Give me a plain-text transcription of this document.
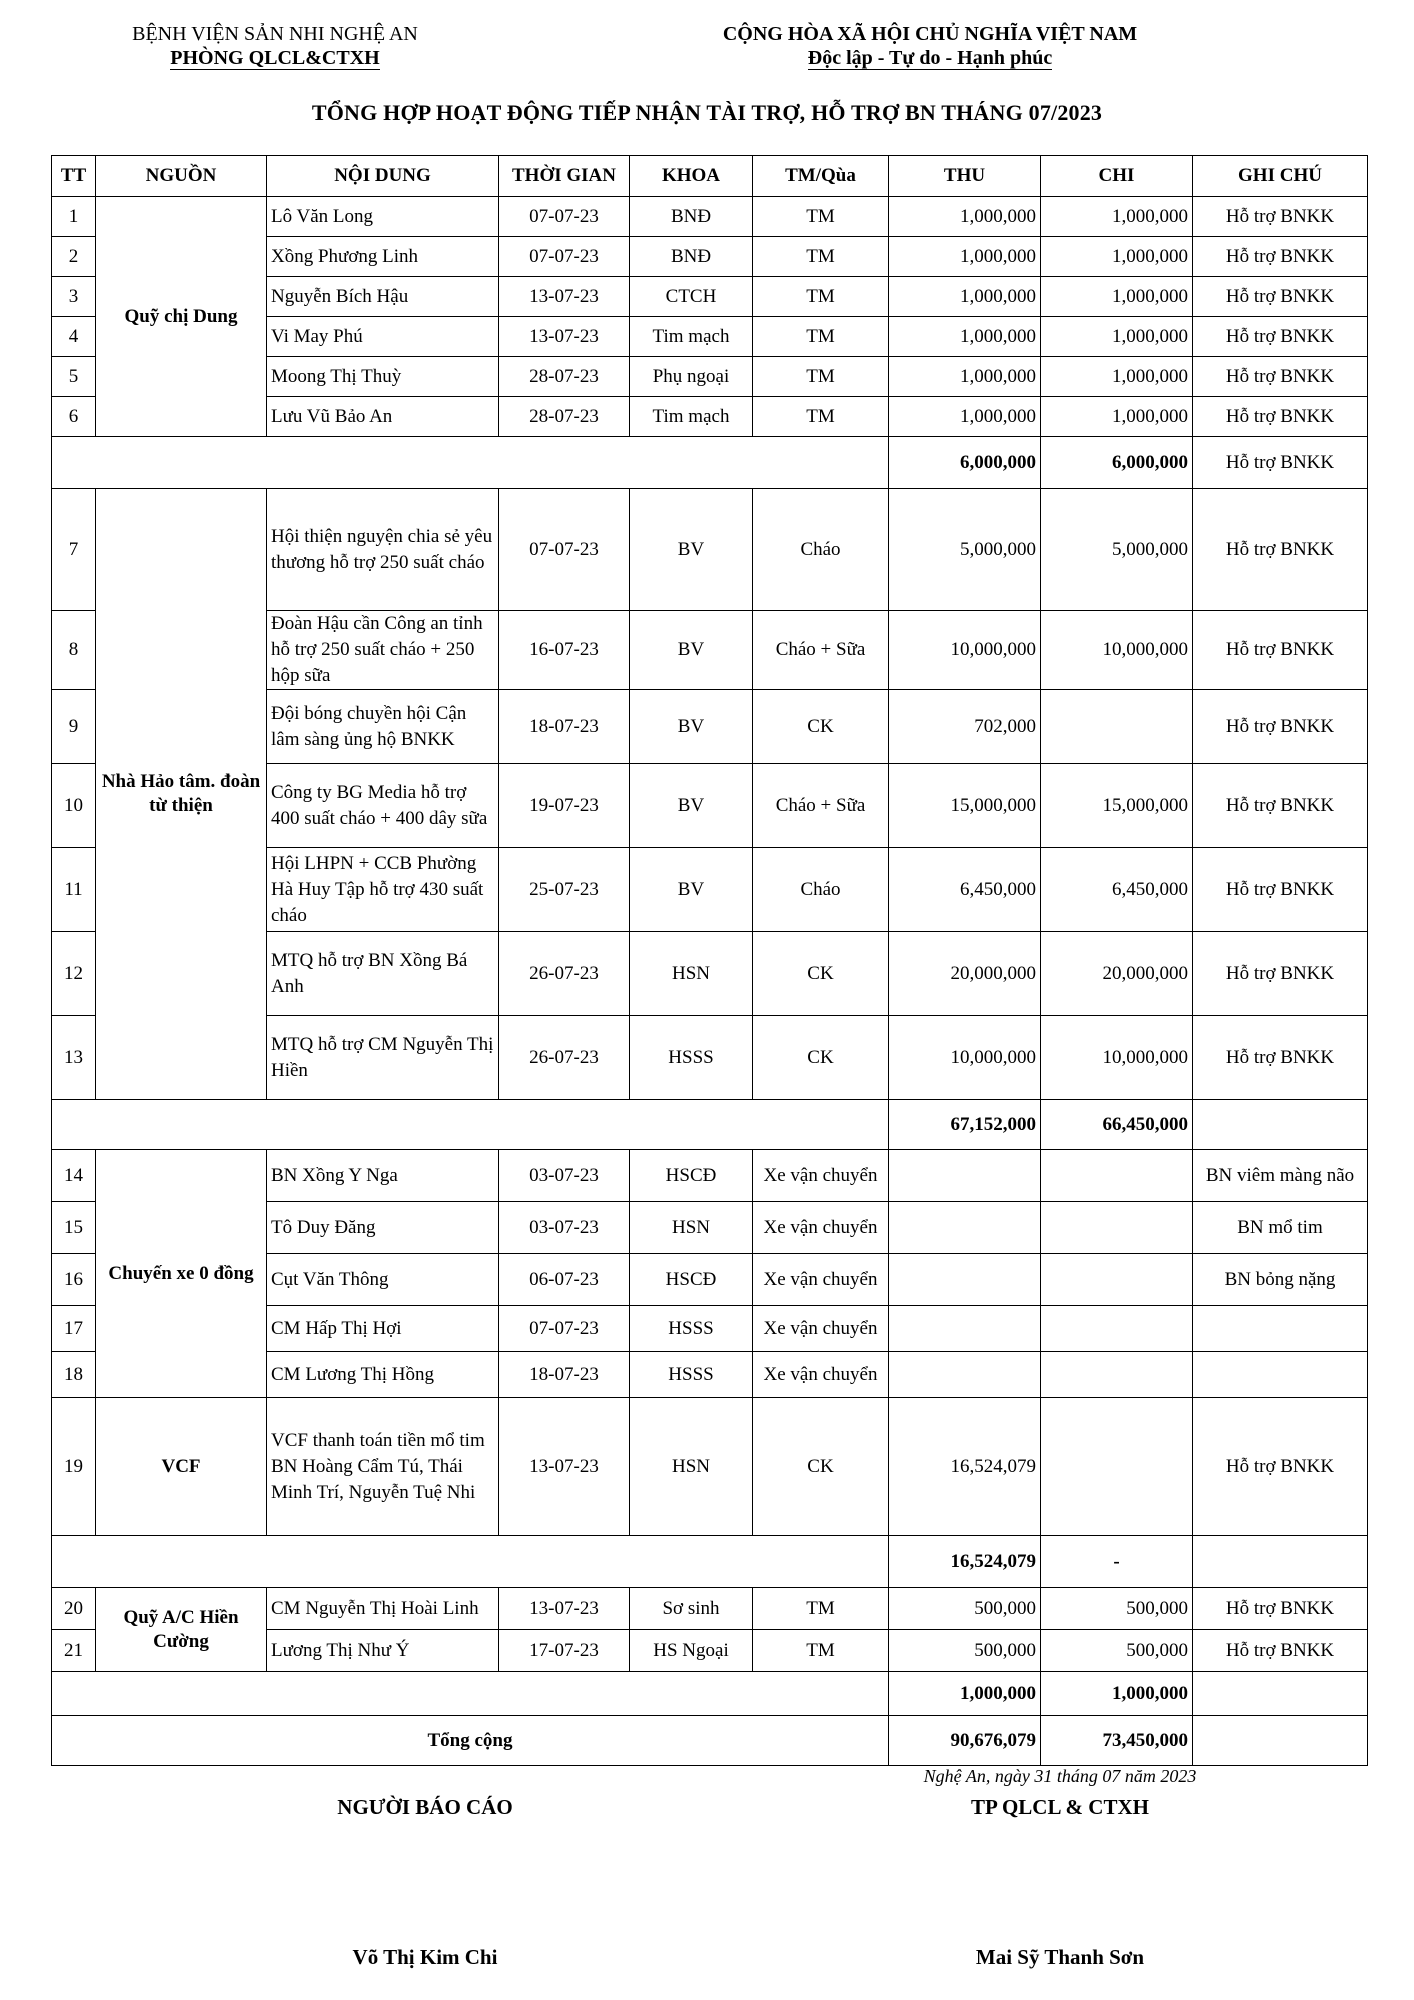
BỆNH VIỆN SẢN NHI NGHỆ AN
PHÒNG QLCL&CTXH
CỘNG HÒA XÃ HỘI CHỦ NGHĨA VIỆT NAM
Độc lập - Tự do - Hạnh phúc
TỔNG HỢP HOẠT ĐỘNG TIẾP NHẬN TÀI TRỢ, HỖ TRỢ BN THÁNG 07/2023
TT	NGUỒN	NỘI DUNG	THỜI GIAN	KHOA	TM/Qùa	THU	CHI	GHI CHÚ
1	Quỹ chị Dung	Lô Văn Long	07-07-23	BNĐ	TM	1,000,000	1,000,000	Hỗ trợ BNKK
2		Xồng Phương Linh	07-07-23	BNĐ	TM	1,000,000	1,000,000	Hỗ trợ BNKK
3		Nguyễn Bích Hậu	13-07-23	CTCH	TM	1,000,000	1,000,000	Hỗ trợ BNKK
4		Vi May Phú	13-07-23	Tim mạch	TM	1,000,000	1,000,000	Hỗ trợ BNKK
5		Moong Thị Thuỳ	28-07-23	Phụ ngoại	TM	1,000,000	1,000,000	Hỗ trợ BNKK
6		Lưu Vũ Bảo An	28-07-23	Tim mạch	TM	1,000,000	1,000,000	Hỗ trợ BNKK
						6,000,000	6,000,000	Hỗ trợ BNKK
7	Nhà Hảo tâm. đoàn từ thiện	Hội thiện nguyện chia sẻ yêu thương hỗ trợ 250 suất cháo	07-07-23	BV	Cháo	5,000,000	5,000,000	Hỗ trợ BNKK
8		Đoàn Hậu cần Công an tỉnh hỗ trợ 250 suất cháo + 250 hộp sữa	16-07-23	BV	Cháo + Sữa	10,000,000	10,000,000	Hỗ trợ BNKK
9		Đội bóng chuyền hội Cận lâm sàng ủng hộ BNKK	18-07-23	BV	CK	702,000		Hỗ trợ BNKK
10		Công ty BG Media hỗ trợ 400 suất cháo + 400 dây sữa	19-07-23	BV	Cháo + Sữa	15,000,000	15,000,000	Hỗ trợ BNKK
11		Hội LHPN + CCB Phường Hà Huy Tập hỗ trợ 430 suất cháo	25-07-23	BV	Cháo	6,450,000	6,450,000	Hỗ trợ BNKK
12		MTQ hỗ trợ BN Xồng Bá Anh	26-07-23	HSN	CK	20,000,000	20,000,000	Hỗ trợ BNKK
13		MTQ hỗ trợ CM Nguyễn Thị Hiền	26-07-23	HSSS	CK	10,000,000	10,000,000	Hỗ trợ BNKK
						67,152,000	66,450,000	
14	Chuyến xe 0 đồng	BN Xồng Y Nga	03-07-23	HSCĐ	Xe vận chuyển			BN viêm màng não
15		Tô Duy Đăng	03-07-23	HSN	Xe vận chuyển			BN mổ tim
16		Cụt Văn Thông	06-07-23	HSCĐ	Xe vận chuyển			BN bỏng nặng
17		CM Hấp Thị Hợi	07-07-23	HSSS	Xe vận chuyển			
18		CM Lương Thị Hồng	18-07-23	HSSS	Xe vận chuyển			
19	VCF	VCF thanh toán tiền mổ tim BN Hoàng Cẩm Tú, Thái Minh Trí, Nguyễn Tuệ Nhi	13-07-23	HSN	CK	16,524,079		Hỗ trợ BNKK
						16,524,079	-	
20	Quỹ A/C Hiền Cường	CM Nguyễn Thị Hoài Linh	13-07-23	Sơ sinh	TM	500,000	500,000	Hỗ trợ BNKK
21		Lương Thị Như Ý	17-07-23	HS Ngoại	TM	500,000	500,000	Hỗ trợ BNKK
						1,000,000	1,000,000	
Tổng cộng						90,676,079	73,450,000	
Nghệ An, ngày 31 tháng 07 năm 2023
NGƯỜI BÁO CÁO	TP QLCL & CTXH
Võ Thị Kim Chi	Mai Sỹ Thanh Sơn
